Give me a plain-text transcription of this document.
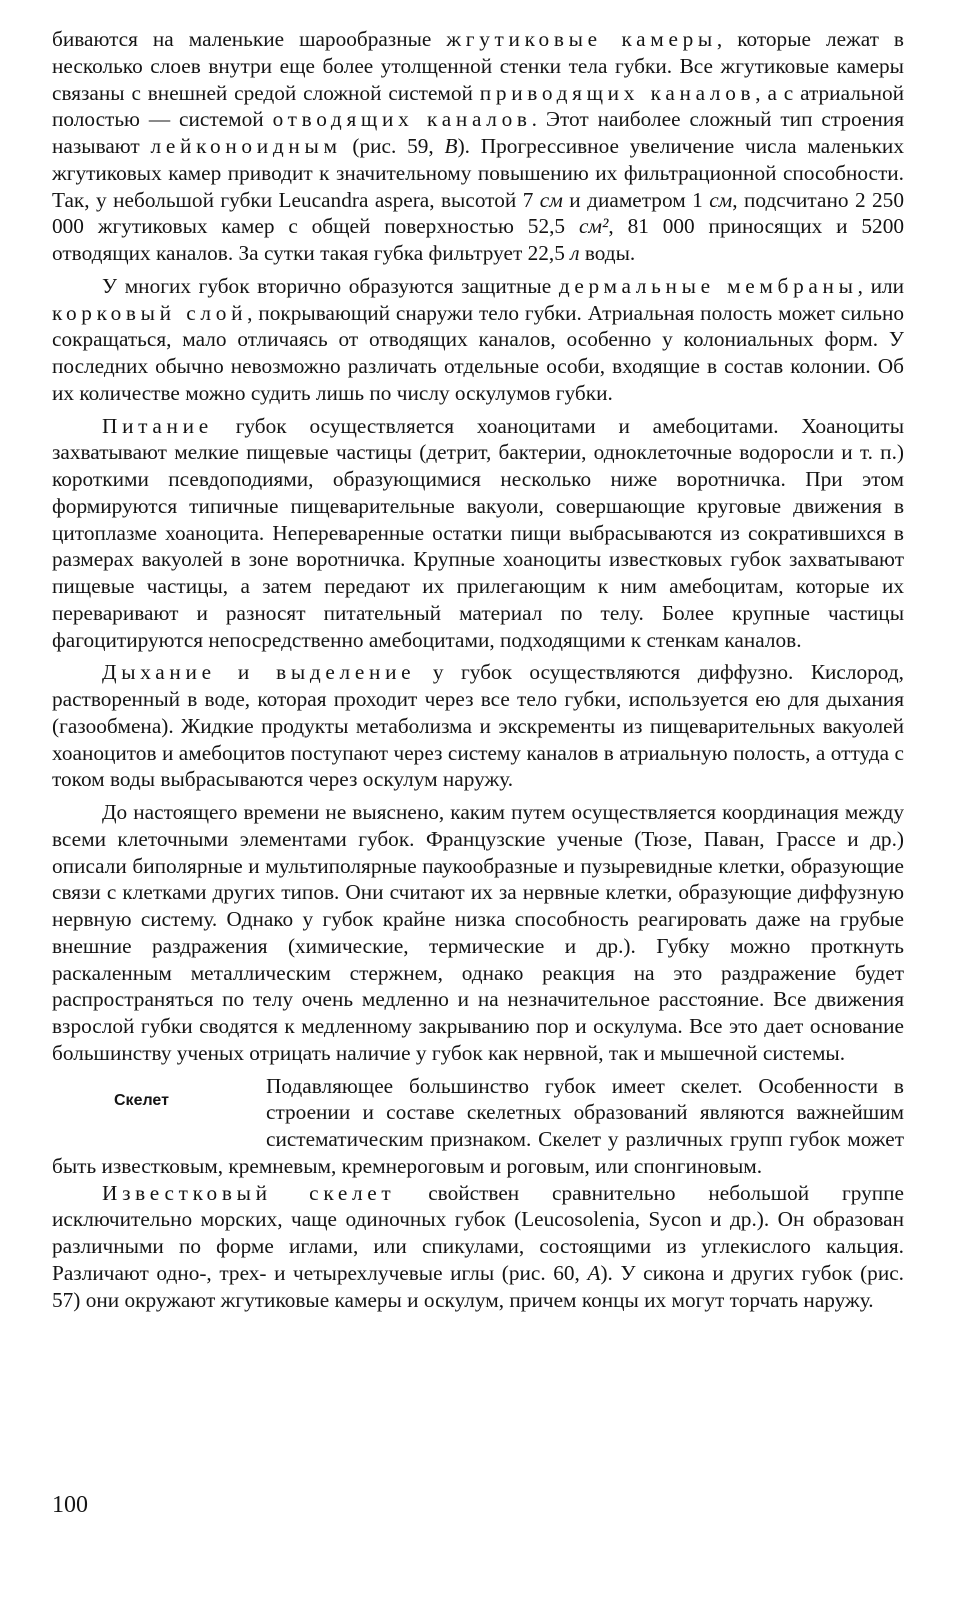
биваются на маленькие шарообразные жгутиковые камеры, которые лежат в несколько слоев внутри еще более утолщенной стенки тела губки. Все жгутиковые камеры связаны с внешней средой сложной системой приводящих каналов, а с атриальной полостью — системой отводящих каналов. Этот наиболее сложный тип строения называют лейконоидным (рис. 59, В). Прогрессивное увеличение числа маленьких жгутиковых камер приводит к значительному повышению их фильтрационной способности. Так, у небольшой губки Leucandra aspera, высотой 7 см и диаметром 1 см, подсчитано 2 250 000 жгутиковых камер с общей поверхностью 52,5 см², 81 000 приносящих и 5200 отводящих каналов. За сутки такая губка фильтрует 22,5 л воды.

У многих губок вторично образуются защитные дермальные мембраны, или корковый слой, покрывающий снаружи тело губки. Атриальная полость может сильно сокращаться, мало отличаясь от отводящих каналов, особенно у колониальных форм. У последних обычно невозможно различать отдельные особи, входящие в состав колонии. Об их количестве можно судить лишь по числу оскулумов губки.

Питание губок осуществляется хоаноцитами и амебоцитами. Хоаноциты захватывают мелкие пищевые частицы (детрит, бактерии, одноклеточные водоросли и т. п.) короткими псевдоподиями, образующимися несколько ниже воротничка. При этом формируются типичные пищеварительные вакуоли, совершающие круговые движения в цитоплазме хоаноцита. Непереваренные остатки пищи выбрасываются из сократившихся в размерах вакуолей в зоне воротничка. Крупные хоаноциты известковых губок захватывают пищевые частицы, а затем передают их прилегающим к ним амебоцитам, которые их переваривают и разносят питательный материал по телу. Более крупные частицы фагоцитируются непосредственно амебоцитами, подходящими к стенкам каналов.

Дыхание и выделение у губок осуществляются диффузно. Кислород, растворенный в воде, которая проходит через все тело губки, используется ею для дыхания (газообмена). Жидкие продукты метаболизма и экскременты из пищеварительных вакуолей хоаноцитов и амебоцитов поступают через систему каналов в атриальную полость, а оттуда с током воды выбрасываются через оскулум наружу.

До настоящего времени не выяснено, каким путем осуществляется координация между всеми клеточными элементами губок. Французские ученые (Тюзе, Паван, Грассе и др.) описали биполярные и мультиполярные паукообразные и пузыревидные клетки, образующие связи с клетками других типов. Они считают их за нервные клетки, образующие диффузную нервную систему. Однако у губок крайне низка способность реагировать даже на грубые внешние раздражения (химические, термические и др.). Губку можно проткнуть раскаленным металлическим стержнем, однако реакция на это раздражение будет распространяться по телу очень медленно и на незначительное расстояние. Все движения взрослой губки сводятся к медленному закрыванию пор и оскулума. Все это дает основание большинству ученых отрицать наличие у губок как нервной, так и мышечной системы.

Скелет

Подавляющее большинство губок имеет скелет. Особенности в строении и составе скелетных образований являются важнейшим систематическим признаком. Скелет у различных групп губок может быть известковым, кремневым, кремнероговым и роговым, или спонгиновым.

Известковый скелет свойствен сравнительно небольшой группе исключительно морских, чаще одиночных губок (Leucosolenia, Sycon и др.). Он образован различными по форме иглами, или спикулами, состоящими из углекислого кальция. Различают одно-, трех- и четырехлучевые иглы (рис. 60, А). У сикона и других губок (рис. 57) они окружают жгутиковые камеры и оскулум, причем концы их могут торчать наружу.

100
